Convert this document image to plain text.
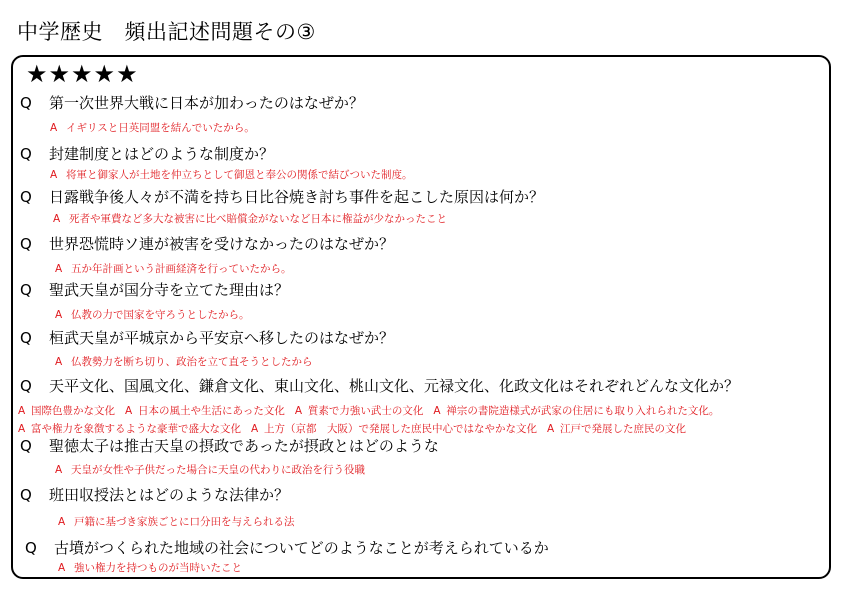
中学歴史　頻出記述問題その③
★★★★★
Q 第一次世界大戦に日本が加わったのはなぜか？
A イギリスと日英同盟を結んでいたから。
Q 封建制度とはどのような制度か？
A 将軍と御家人が土地を仲立ちとして御恩と奉公の関係で結びついた制度。
Q 日露戦争後人々が不満を持ち日比谷焼き討ち事件を起こした原因は何か？
A 死者や軍費など多大な被害に比べ賠償金がないなど日本に権益が少なかったこと
Q 世界恐慌時ソ連が被害を受けなかったのはなぜか？
A 五か年計画という計画経済を行っていたから。
Q 聖武天皇が国分寺を立てた理由は？
A 仏教の力で国家を守ろうとしたから。
Q 桓武天皇が平城京から平安京へ移したのはなぜか？
A 仏教勢力を断ち切り、政治を立て直そうとしたから
Q 天平文化、国風文化、鎌倉文化、東山文化、桃山文化、元禄文化、化政文化はそれぞれどんな文化か？
A 国際色豊かな文化 A 日本の風土や生活にあった文化 A 質素で力強い武士の文化 A 禅宗の書院造様式が武家の住居にも取り入れられた文化。
A 富や権力を象徴するような豪華で盛大な文化 A 上方（京都　大阪）で発展した庶民中心ではなやかな文化 A 江戸で発展した庶民の文化
Q 聖徳太子は推古天皇の摂政であったが摂政とはどのような
A 天皇が女性や子供だった場合に天皇の代わりに政治を行う役職
Q 班田収授法とはどのような法律か？
A 戸籍に基づき家族ごとに口分田を与えられる法
Q 古墳がつくられた地域の社会についてどのようなことが考えられているか
A 強い権力を持つものが当時いたこと
